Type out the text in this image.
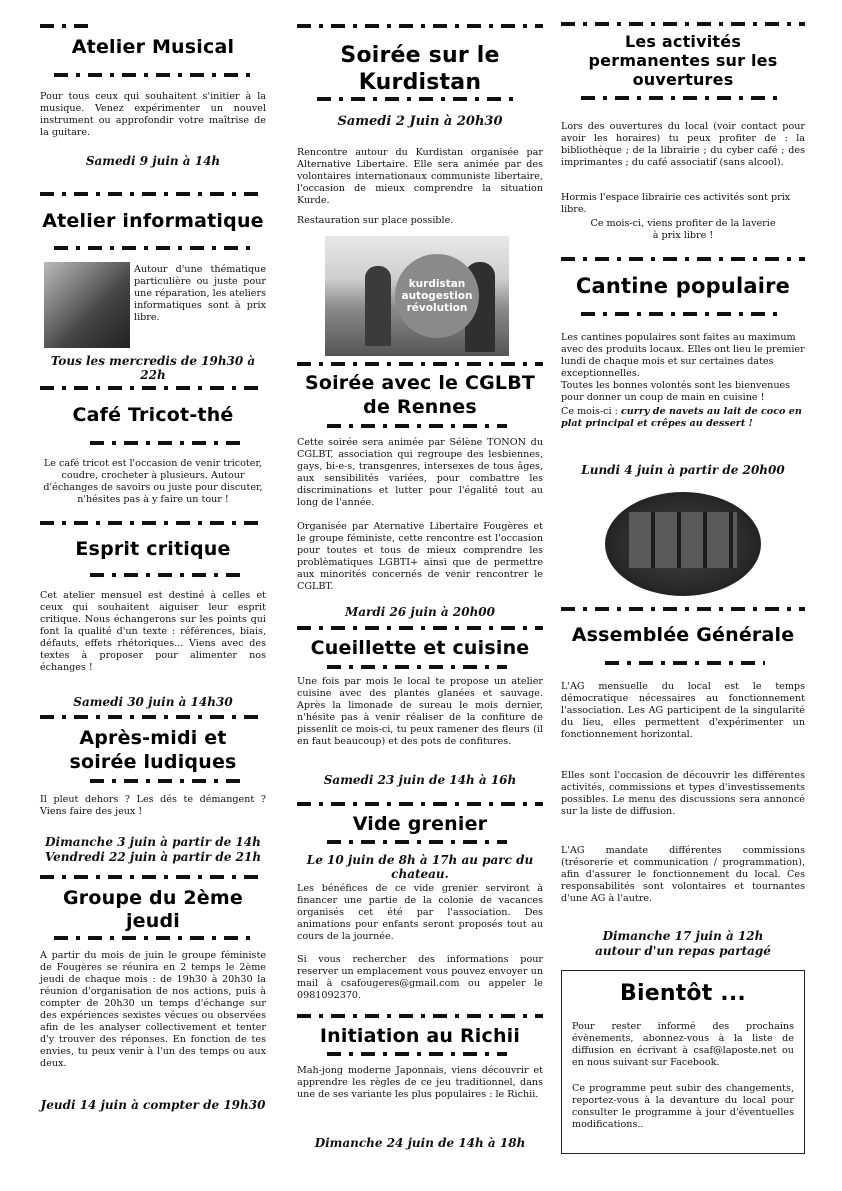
Atelier Musical
Pour tous ceux qui souhaitent s'initier à la musique. Venez expérimenter un nouvel instrument ou approfondir votre maîtrise de la guitare.
Samedi 9 juin à 14h
Atelier informatique
Autour d'une thématique particulière ou juste pour une réparation, les ateliers informatiques sont à prix libre.
Tous les mercredis de 19h30 à 22h
Café Tricot-thé
Le café tricot est l'occasion de venir tricoter, coudre, crocheter à plusieurs. Autour d'échanges de savoirs ou juste pour discuter, n'hésites pas à y faire un tour !
Esprit critique
Cet atelier mensuel est destiné à celles et ceux qui souhaitent aiguiser leur esprit critique. Nous échangerons sur les points qui font la qualité d'un texte : références, biais, défauts, effets rhétoriques... Viens avec des textes à proposer pour alimenter nos échanges !
Samedi 30 juin à 14h30
Après-midi et
soirée ludiques
Il pleut dehors ? Les dés te démangent ? Viens faire des jeux !
Dimanche 3 juin à partir de 14h
Vendredi 22 juin à partir de 21h
Groupe du 2ème
jeudi
A partir du mois de juin le groupe féministe de Fougères se réunira en 2 temps le 2ème jeudi de chaque mois : de 19h30 à 20h30 la réunion d'organisation de nos actions, puis à compter de 20h30 un temps d'échange sur des expériences sexistes vécues ou observées afin de les analyser collectivement et tenter d'y trouver des réponses. En fonction de tes envies, tu peux venir à l'un des temps ou aux deux.
Jeudi 14 juin à compter de 19h30
Soirée sur le
Kurdistan
Samedi 2 Juin à 20h30
Rencontre autour du Kurdistan organisée par Alternative Libertaire. Elle sera animée par des volontaires internationaux communiste libertaire, l'occasion de mieux comprendre la situation Kurde.
Restauration sur place possible.
kurdistan
autogestion
révolution
Soirée avec le CGLBT
de Rennes
Cette soirée sera animée par Sélène TONON du CGLBT, association qui regroupe des lesbiennes, gays, bi-e-s, transgenres, intersexes de tous âges, aux sensibilités variées, pour combattre les discriminations et lutter pour l'égalité tout au long de l'année.
Organisée par Aternative Libertaire Fougères et le groupe féministe, cette rencontre est l'occasion pour toutes et tous de mieux comprendre les problèmatiques LGBTI+ ainsi que de permettre aux minorités concernés de venir rencontrer le CGLBT.
Mardi 26 juin à 20h00
Cueillette et cuisine
Une fois par mois le local te propose un atelier cuisine avec des plantes glanées et sauvage. Après la limonade de sureau le mois dernier, n'hésite pas à venir réaliser de la confiture de pissenlit ce mois-ci, tu peux ramener des fleurs (il en faut beaucoup) et des pots de confitures.
Samedi 23 juin de 14h à 16h
Vide grenier
Le 10 juin de 8h à 17h au parc du
chateau.
Les bénéfices de ce vide grenier serviront à financer une partie de la colonie de vacances organisés cet été par l'association. Des animations pour enfants seront proposés tout au cours de la journée.
Si vous rechercher des informations pour reserver un emplacement vous pouvez envoyer un mail à csafougeres@gmail.com ou appeler le 0981092370.
Initiation au Richii
Mah-jong moderne Japonnais, viens découvrir et apprendre les règles de ce jeu traditionnel, dans une de ses variante les plus populaires : le Richii.
Dimanche 24 juin de 14h à 18h
Les activités
permanentes sur les
ouvertures
Lors des ouvertures du local (voir contact pour avoir les horaires) tu peux profiter de : la bibliothèque ; de la librairie ; du cyber café ; des imprimantes ; du café associatif (sans alcool).
Hormis l'espace librairie ces activités sont prix libre.
Ce mois-ci, viens profiter de la laverie à prix libre !
Cantine populaire
Les cantines populaires sont faites au maximum avec des produits locaux. Elles ont lieu le premier lundi de chaque mois et sur certaines dates exceptionnelles.
Toutes les bonnes volontés sont les bienvenues pour donner un coup de main en cuisine !
Ce mois-ci : curry de navets au lait de coco en plat principal et crêpes au dessert !
Lundi 4 juin à partir de 20h00
Assemblée Générale
L'AG mensuelle du local est le temps démocratique nécessaires au fonctionnement l'association. Les AG participent de la singularité du lieu, elles permettent d'expérimenter un fonctionnement horizontal.
Elles sont l'occasion de découvrir les différentes activités, commissions et types d'investissements possibles. Le menu des discussions sera annoncé sur la liste de diffusion.
L'AG mandate différentes commissions (trésorerie et communication / programmation), afin d'assurer le fonctionnement du local. Ces responsabilités sont volontaires et tournantes d'une AG à l'autre.
Dimanche 17 juin à 12h
autour d'un repas partagé
Bientôt ...
Pour rester informé des prochains évènements, abonnez-vous à la liste de diffusion en écrivant à csaf@laposte.net ou en nous suivant sur Facebook.
Ce programme peut subir des changements, reportez-vous à la devanture du local pour consulter le programme à jour d'éventuelles modifications..
